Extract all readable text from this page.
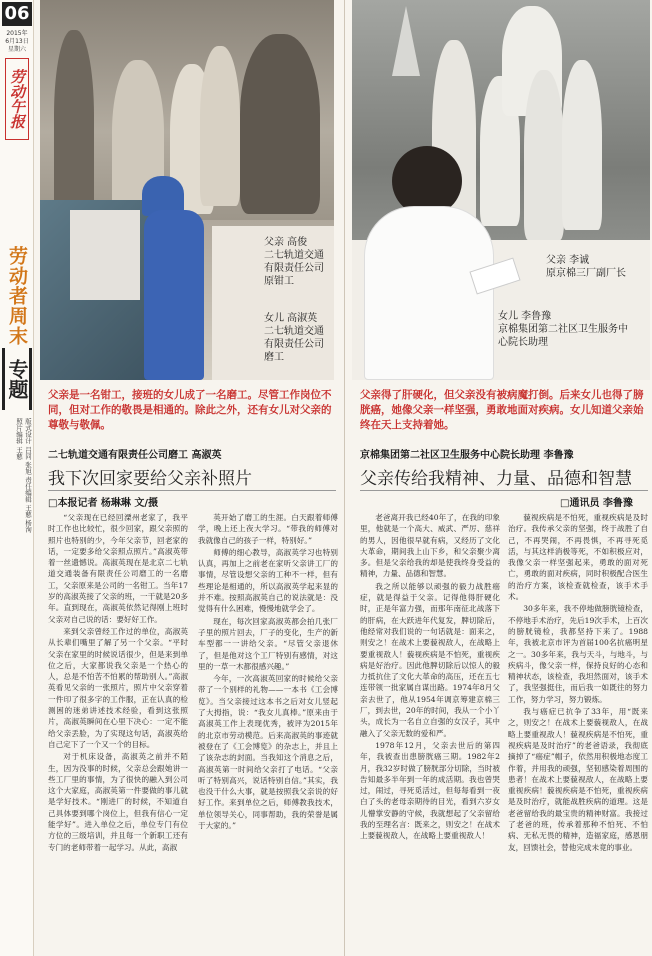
06
2015年
6月13日
星期六
劳动午报
劳动者周末
专题
版式设计 吕同 张旭 责任编辑 王慈 杨洵 照片编辑 王慈
父亲 高俊
二七轨道交通
有限责任公司
原钳工
女儿 高淑英
二七轨道交通
有限责任公司
磨工
父亲 李诚
原京棉三厂副厂长
女儿 李鲁豫
京棉集团第二社区卫生服务中
心院长助理
父亲是一名钳工，接班的女儿成了一名磨工。尽管工作岗位不同，但对工作的敬畏是相通的。除此之外，还有女儿对父亲的尊敬与敬佩。
父亲得了肝硬化，但父亲没有被病魔打倒。后来女儿也得了膀胱癌，她像父亲一样坚强，勇敢地面对疾病。女儿知道父亲始终在天上支持着她。
二七轨道交通有限责任公司磨工 高淑英
我下次回家要给父亲补照片
□本报记者 杨琳琳 文/摄
京棉集团第二社区卫生服务中心院长助理 李鲁豫
父亲传给我精神、力量、品德和智慧
□通讯员 李鲁豫

“父亲现在已经回溧州老家了，我平时工作也比较忙，很少回家，跟父亲照的照片也特别的少，今年父亲节，回老家的话，一定要多给父亲照点照片。”高淑英带着一丝遗憾说。高淑英现在是北京二七轨道交通装备有限责任公司磨工的一名磨工，父亲原来是公司的一名钳工。当年17岁的高淑英接了父亲的班，一干就是20多年。直到现在，高淑英依然记得刚上班时父亲对自己说的话：要好好工作。

来到父亲曾经工作过的单位，高淑英从长辈们嘴里了解了另一个父亲。“平时父亲在家里的时候说话很少，但是来到单位之后，大家都说我父亲是一个热心的人，总是不怕苦不怕累的帮助别人。”高淑英看见父亲的一张照片，照片中父亲穿着一件印了很多字的工作服，正在认真的检测困的迷弟讲述技术经验，看到这张照片，高淑英瞬间在心里下决心：一定不能给父亲丢脸，为了实现这句话，高淑英给自己定下了一个又一个的目标。

对于机床设备，高淑英之前并不陌生，因为没事的时候，父亲总会跟她讲一些工厂里的事情，为了很快的融入到公司这个大家庭，高淑英第一件要做的事儿就是学好技术。“刚进厂的时候，不知道自己具体要到哪个岗位上，但我有信心一定能学好”。进入单位之后，单位专门有位方位的三级培训，并且每一个新职工还有专门的老师带着一起学习。从此，高淑

英开始了磨工的生涯。白天跟着师傅学，晚上还上夜大学习。“带我的师傅对我就像自己的孩子一样，特别好。”

师傅的细心教导，高淑英学习也特别认真，再加上之前老在家听父亲讲工厂的事情，尽管设想父亲的工种不一样，但有些理论是相通的，所以高淑英学起来显的并不难。按照高淑英自己的说法就是：没觉得有什么困难，慢慢地就学会了。

现在，每次回家高淑英都会拍几张厂子里的照片回去，厂子的变化，生产的新车型都一一讲给父亲。“尽管父亲退休了，但是他对这个工厂特别有感情，对这里的一草一木都很感兴趣。”

今年，一次高淑英回家的时候给父亲带了一个别样的礼物——一本书《工会博览》。当父亲接过这本书之后对女儿竖起了大拇指，说：“我女儿真棒。”原来由于高淑英工作上表现优秀，被评为2015年的北京市劳动模范。后来高淑英的事迹就被登在了《工会博览》的杂志上，并且上了该杂志的封面。当我知这个消息之后，高淑英第一时间给父亲打了电话。“父亲听了特别高兴，说话特别自信。”其实，我也没干什么大事，就是按照我父亲说的好好工作。来到单位之后，师傅教我技术，单位领导关心，同事帮助，我的荣誉是属于大家的。”

老爸离开我已经40年了，在我的印象里，他就是一个高大、威武、严厉、慈祥的男人，因他很早就有病，又经历了文化大革命，期间我上山下乡，和父亲聚少离多。但是父亲给我的却是使我终身受益的精神，力量、品德和智慧。

我之所以能够以顽强的毅力战胜癌症，就是得益于父亲。记得他得肝硬化时，正是年富力强，而那年南征北战落下的肝病，在大跃进年代复发，脾切除后，他经常对我们说的一句话就是：面来之，则安之！在战术上要藐视敌人，在战略上要重视敌人！藐视疾病是不怕死，重视疾病是好治疗。因此他脾切除后以惊人的毅力抵抗住了文化大革命的高压，还在五七连带领一批家属自谋出路。1974年8月父亲去世了，他从1954年调京筹建京棉三厂，到去世，20年的时间，我从一个小丫头，成长为一名自立自强的女汉子，其中融入了父亲无数的爱和严。

1978年12月，父亲去世后的第四年，我被查出患膀胱癌三期。1982年2月，我32岁时做了膀胱部分切除，当时被告知最多半年到一年的成活期。我也曾哭过，闹过，寻死觅活过，但每每看到一夜白了头的老母亲期待的目光，看到六岁女儿懵掌安静的守候，我就想起了父亲留给我的至理名言：既来之，则安之！在战术上要藐视敌人，在战略上要重视敌人！

藐视疾病是不怕死，重视疾病是及时治疗。我传承父亲的坚强，终于战胜了自己，不再哭闹，不再畏惧，不再寻死觅活，与其这样消极等死，不如积极应对，我像父亲一样坚强起来，勇敢的面对死亡，勇敢的面对疾病，同时积极配合医生的治疗方案，该检查就检查，该手术手术。

30多年来，我不停地做膀胱镜检查，不停地手术治疗，先后19次手术，上百次的膀胱镜检，我都坚持下来了。1988年，我被北京市评为首届100名抗癌明星之一。30多年来，我与天斗，与地斗，与疾病斗，像父亲一样，保持良好的心态和精神状态，该检查，我坦然面对，该手术了，我坚强挺住，而后我一如既往的努力工作，努力学习，努力锻炼。

我与癌症已抗争了33年，用“既来之，则安之！在战术上要藐视敌人，在战略上要重视敌人！藐视疾病是不怕死，重视疾病是及时治疗”的老爸语录，我彻底摘掉了“癌症”帽子，依然用积极地态度工作着，并用我的顽强，坚韧感染着周围的患者！在战术上要藐视敌人，在战略上要重视疾病！藐视疾病是不怕死，重视疾病是及时治疗，就能战胜疾病的道理。这是老爸留给我的最宝贵的精神财富。我接过了老爸的班，传承着那种不怕死、不怕病、无私无畏的精神，造福家庭，感恩朋友，回馈社会，替他完成未竟的事业。
